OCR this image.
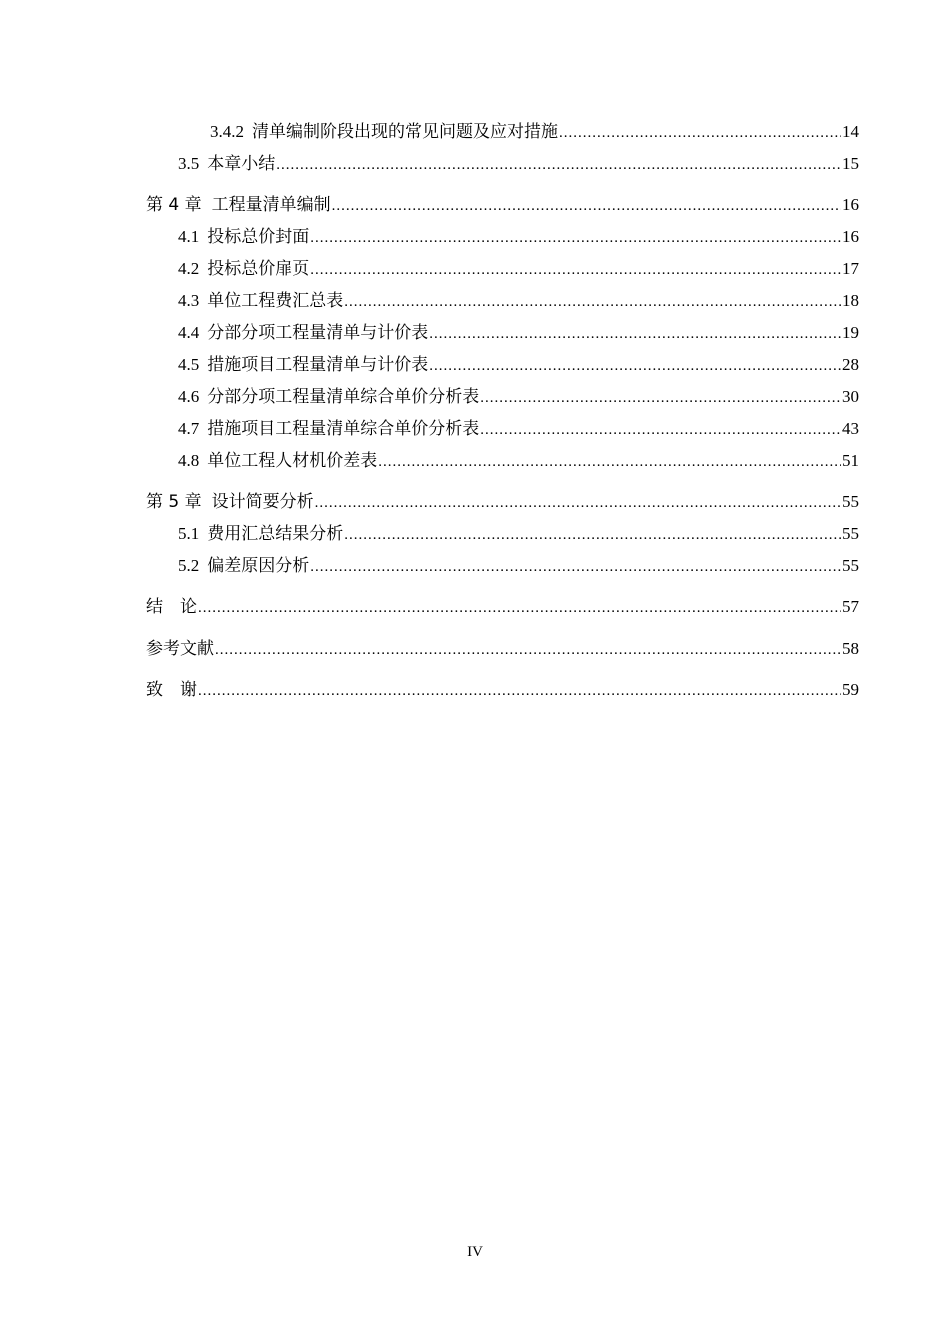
3.4.2 清单编制阶段出现的常见问题及应对措施 .....	14
3.5 本章小结 .....	15
第 4 章 工程量清单编制 .....	16
4.1 投标总价封面 .....	16
4.2 投标总价扉页 .....	17
4.3 单位工程费汇总表 .....	18
4.4 分部分项工程量清单与计价表 .....	19
4.5 措施项目工程量清单与计价表 .....	28
4.6 分部分项工程量清单综合单价分析表 .....	30
4.7 措施项目工程量清单综合单价分析表 .....	43
4.8 单位工程人材机价差表 .....	51
第 5 章 设计简要分析 .....	55
5.1 费用汇总结果分析 .....	55
5.2 偏差原因分析 .....	55
结　论 .....	57
参考文献 .....	58
致　谢 .....	59
IV
